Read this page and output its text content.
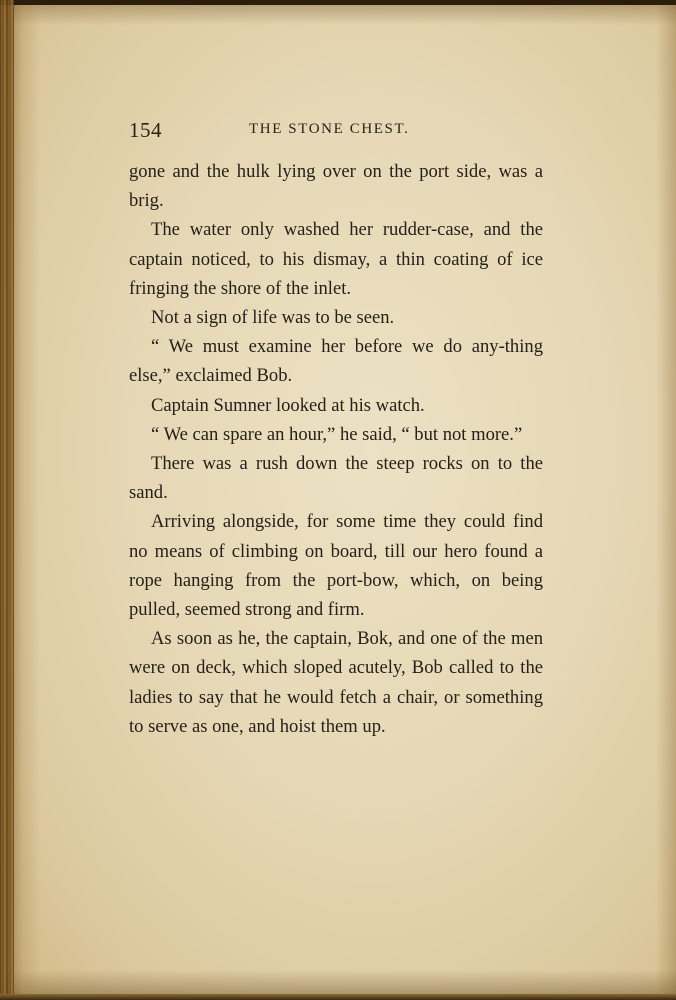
154	THE STONE CHEST.

gone and the hulk lying over on the port side, was a brig.

The water only washed her rudder-case, and the captain noticed, to his dismay, a thin coating of ice fringing the shore of the inlet.

Not a sign of life was to be seen.

“ We must examine her before we do any-thing else,” exclaimed Bob.

Captain Sumner looked at his watch.

“ We can spare an hour,” he said, “ but not more.”

There was a rush down the steep rocks on to the sand.

Arriving alongside, for some time they could find no means of climbing on board, till our hero found a rope hanging from the port-bow, which, on being pulled, seemed strong and firm.

As soon as he, the captain, Bok, and one of the men were on deck, which sloped acutely, Bob called to the ladies to say that he would fetch a chair, or something to serve as one, and hoist them up.
